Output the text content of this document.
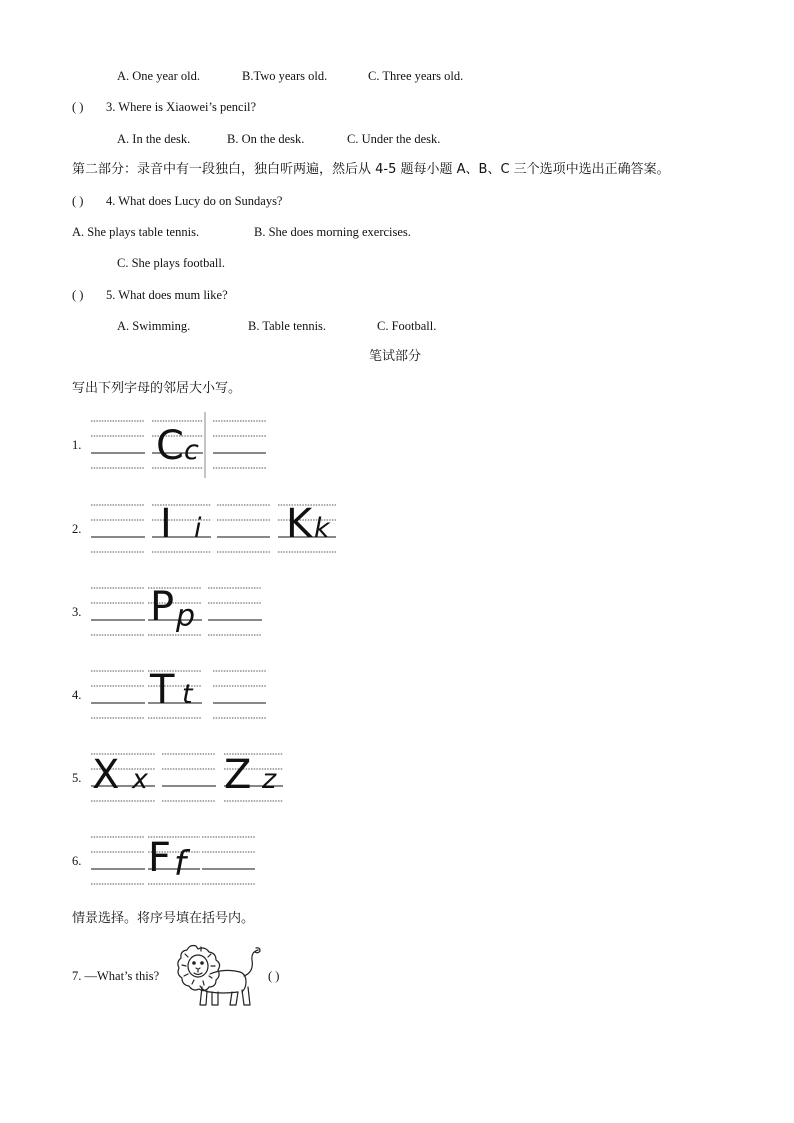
A. One year old.	B.Two years old.	C. Three years old.
( ) 3. Where is Xiaowei’s pencil?
A. In the desk.	B. On the desk.	C. Under the desk.
第二部分：录音中有一段独白，独白听两遍，然后从 4-5 题每小题 A、B、C 三个选项中选出正确答案。
( ) 4. What does Lucy do on Sundays?
A. She plays table tennis.	B. She does morning exercises.
C. She plays football.
( ) 5. What does mum like?
A. Swimming.	B. Table tennis.	C. Football.
笔试部分
写出下列字母的邻居大小写。
1. C c
2. I i K k
3. P p
4. T t
5. X x Z z
6. F f
情景选择。将序号填在括号内。
7. —What’s this?	( )
